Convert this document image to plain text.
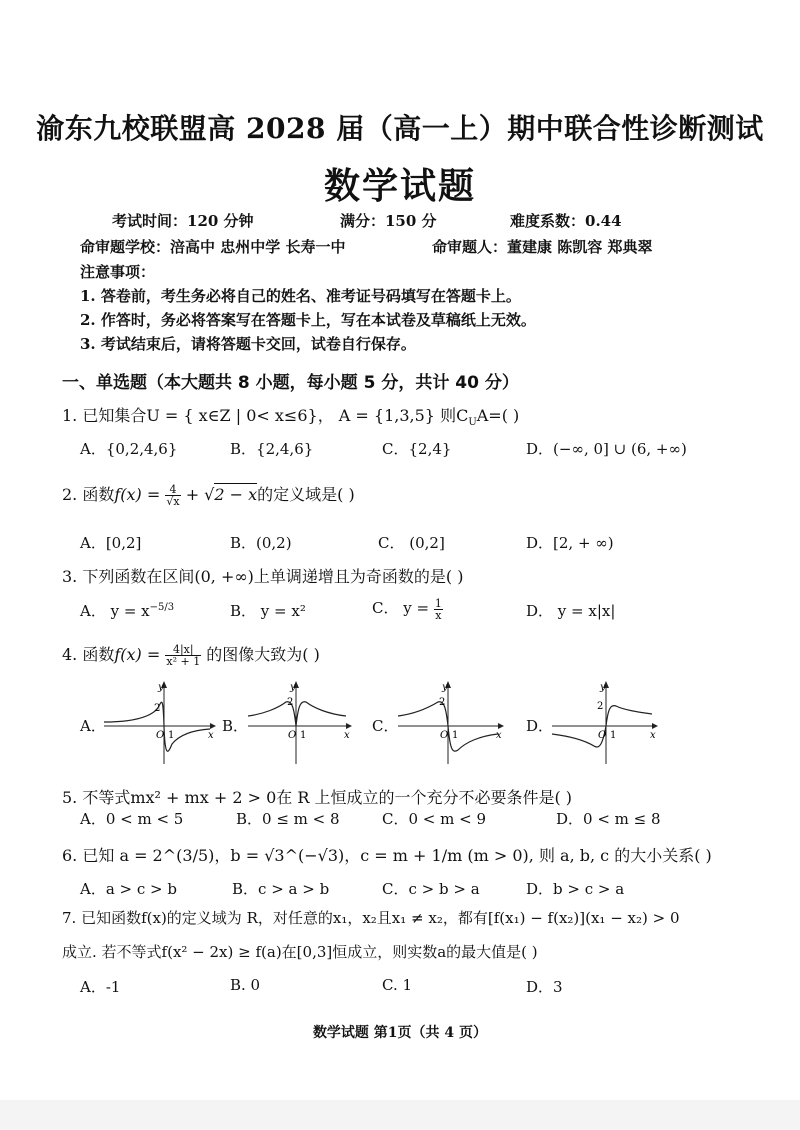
渝东九校联盟高 2028 届（高一上）期中联合性诊断测试
数学试题
考试时间：120 分钟	满分：150 分	难度系数：0.44
命审题学校：涪高中 忠州中学 长寿一中	命审题人：董建康 陈凯容 郑典翠
注意事项：
1. 答卷前，考生务必将自己的姓名、准考证号码填写在答题卡上。
2. 作答时，务必将答案写在答题卡上，写在本试卷及草稿纸上无效。
3. 考试结束后，请将答题卡交回，试卷自行保存。
一、单选题（本大题共 8 小题，每小题 5 分，共计 40 分）
1. 已知集合U = { x∈Z | 0< x≤6}， A = {1,3,5} 则$C_UA=$( )
A．{0,2,4,6}	B．{2,4,6}	C．{2,4}	D．(−∞, 0] ∪ (6, +∞)
2. 函数$f(x) = \frac{4}{√x} + √2 - x$的定义域是( )
A．[0,2]	B．(0,2)	C． (0,2]	D．[2, + ∞)
3. 下列函数在区间(0, +∞)上单调递增且为奇函数的是( )
A． $y = x^{-5/3}$	B． y = x²	C． $y = \frac{1}{x}$	D． y = x|x|
4. 函数$f(x) = \frac{4|x|}{\text{x² + 1}}$ 的图像大致为( )
A．	B．	C．	D．
y
2
O 1	x
y
2
O 1	x
y
2
O 1	x
y
2
O 1	x
5. 不等式mx² + mx + 2 > 0在 R 上恒成立的一个充分不必要条件是( )
A．0 < m < 5	B．0 ≤ m < 8	C．0 < m < 9	D．0 < m ≤ 8
6. 已知 a = 2^(3/5)，b = √3^(−√3)，c = m + 1/m (m > 0), 则 a, b, c 的大小关系( )
A．a > c > b	B．c > a > b	C．c > b > a	D．b > c > a
7. 已知函数f(x)的定义域为 R，对任意的x₁，x₂且x₁ ≠ x₂，都有[f(x₁) − f(x₂)](x₁ − x₂) > 0
成立. 若不等式f(x² − 2x) ≥ f(a)在[0,3]恒成立，则实数a的最大值是( )
A．-1	B. 0	C. 1	D．3
数学试题 第1页（共 4 页）
